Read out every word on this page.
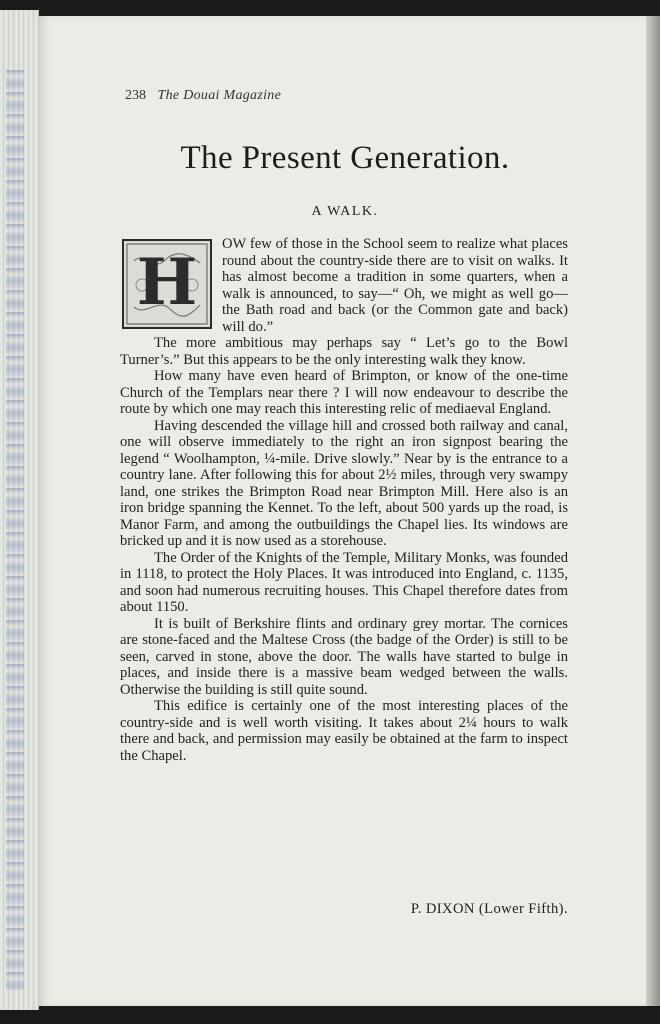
238 The Douai Magazine
The Present Generation.
A WALK.

H
OW few of those in the School seem to realize what places round about the country-side there are to visit on walks. It has almost become a tradition in some quarters, when a walk is announced, to say—“ Oh, we might as well go—the Bath road and back (or the Common gate and back) will do.”

The more ambitious may perhaps say “ Let’s go to the Bowl Turner’s.” But this appears to be the only interesting walk they know.

How many have even heard of Brimpton, or know of the one-time Church of the Templars near there ? I will now endeavour to describe the route by which one may reach this interesting relic of mediaeval England.

Having descended the village hill and crossed both railway and canal, one will observe immediately to the right an iron signpost bearing the legend “ Woolhampton, ¼-mile. Drive slowly.” Near by is the entrance to a country lane. After following this for about 2½ miles, through very swampy land, one strikes the Brimpton Road near Brimpton Mill. Here also is an iron bridge spanning the Kennet. To the left, about 500 yards up the road, is Manor Farm, and among the outbuildings the Chapel lies. Its windows are bricked up and it is now used as a storehouse.

The Order of the Knights of the Temple, Military Monks, was founded in 1118, to protect the Holy Places. It was introduced into England, c. 1135, and soon had numerous recruiting houses. This Chapel therefore dates from about 1150.

It is built of Berkshire flints and ordinary grey mortar. The cornices are stone-faced and the Maltese Cross (the badge of the Order) is still to be seen, carved in stone, above the door. The walls have started to bulge in places, and inside there is a massive beam wedged between the walls. Otherwise the building is still quite sound.

This edifice is certainly one of the most interesting places of the country-side and is well worth visiting. It takes about 2¼ hours to walk there and back, and permission may easily be obtained at the farm to inspect the Chapel.

P. DIXON (Lower Fifth).
